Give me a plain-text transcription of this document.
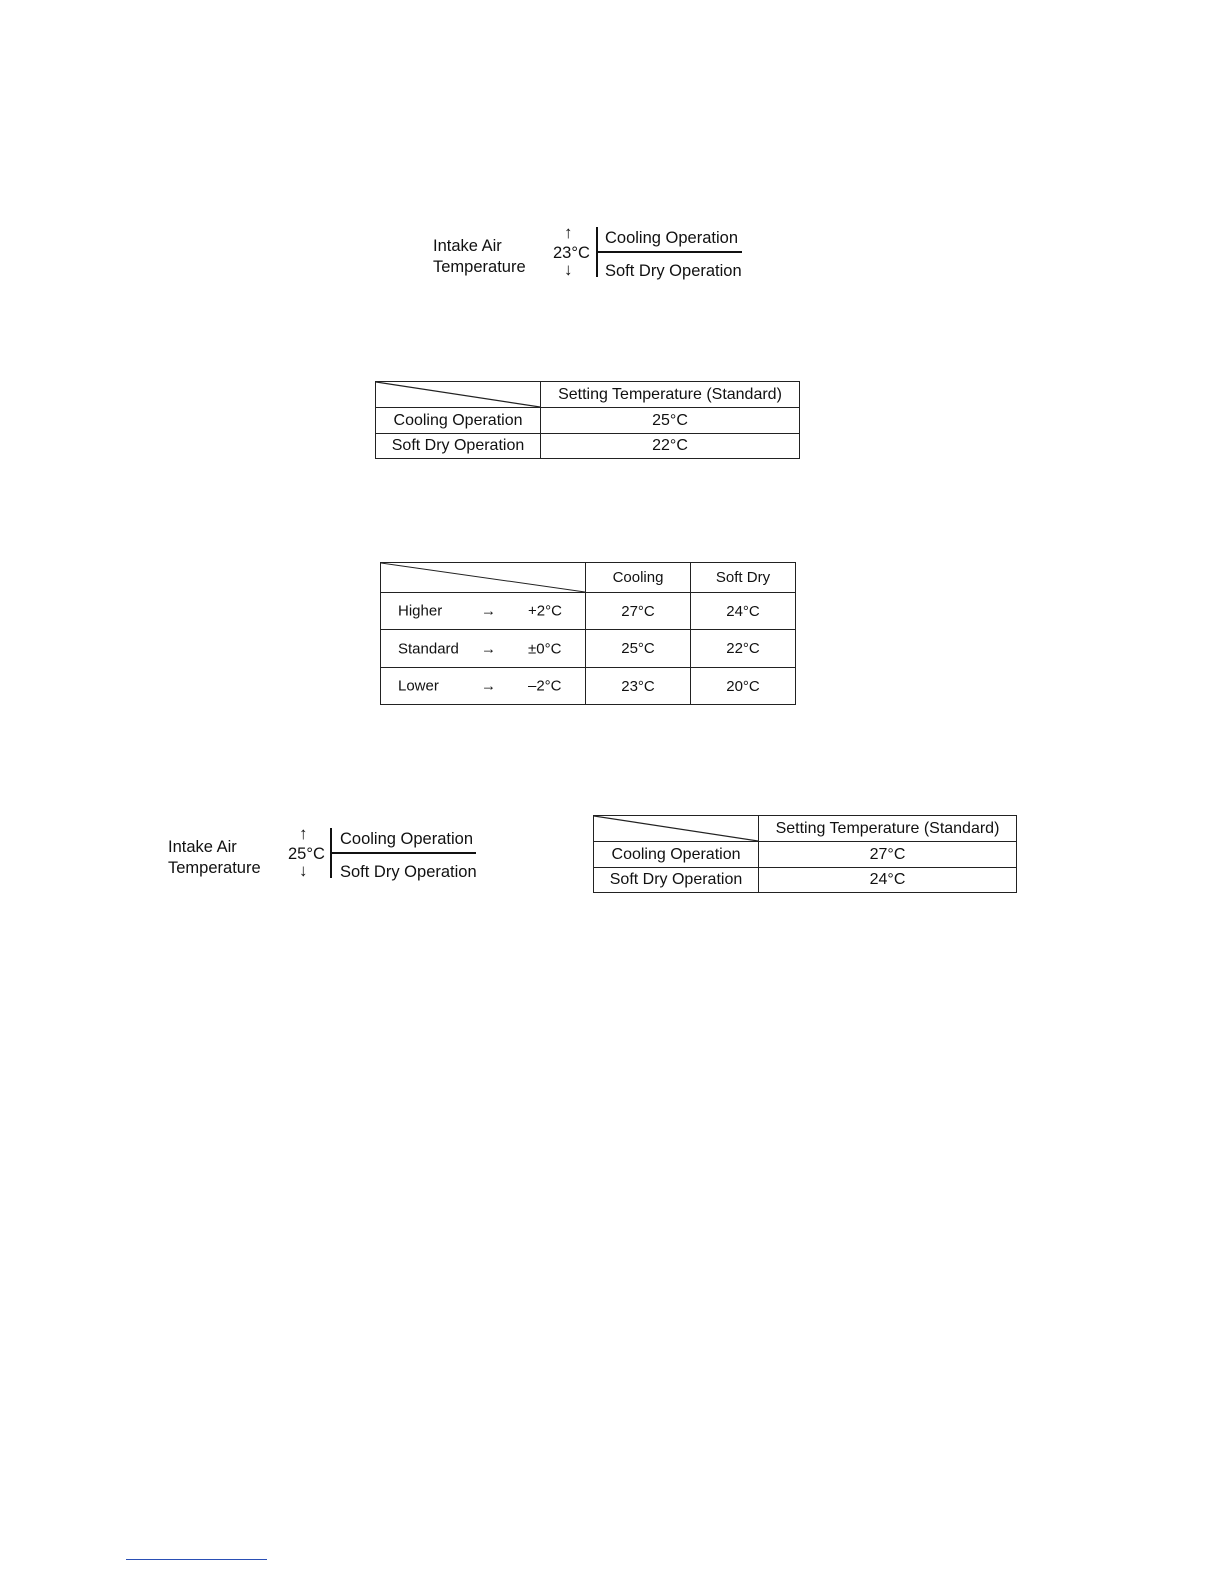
Intake Air
Temperature
↑
23°C
↓
Cooling Operation
Soft Dry Operation
	Setting Temperature (Standard)
Cooling Operation	25°C
Soft Dry Operation	22°C
	Cooling	Soft Dry

Higher → +2°C	27°C	24°C

Standard → ±0°C	25°C	22°C

Lower → –2°C	23°C	20°C
Intake Air
Temperature
↑
25°C
↓
Cooling Operation
Soft Dry Operation
	Setting Temperature (Standard)
Cooling Operation	27°C
Soft Dry Operation	24°C
